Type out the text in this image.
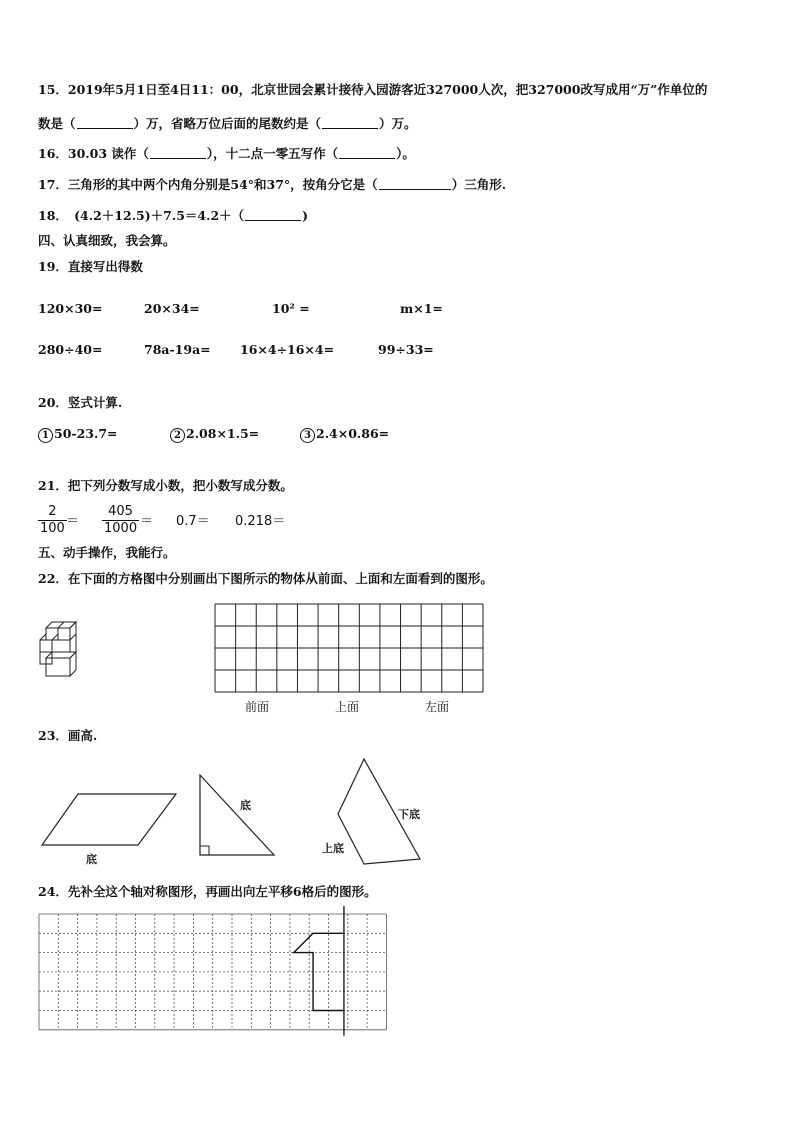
15．2019年5月1日至4日11：00，北京世园会累计接待入园游客近327000人次，把327000改写成用“万”作单位的
数是（	）万，省略万位后面的尾数约是（	）万。
16．30.03 读作（	），十二点一零五写作（	）。
17．三角形的其中两个内角分别是54°和37°，按角分它是（	）三角形.
18．　(4.2＋12.5)＋7.5＝4.2＋（	)
四、认真细致，我会算。
19．直接写出得数
120×30=	20×34=	10² =	m×1=
280÷40=	78a-19a= 16×4÷16×4=	99÷33=
20．竖式计算.
1 50-23.7=	2 2.08×1.5=	3 2.4×0.86=
21．把下列分数写成小数，把小数写成分数。
$\frac{2}{100} = \frac{405}{1000} = 0.7= 0.218=$
五、动手操作，我能行。
22．在下面的方格图中分别画出下图所示的物体从前面、上面和左面看到的图形。
前面	上面	左面
23．画高.
底
底
下底
上底
24．先补全这个轴对称图形，再画出向左平移6格后的图形。
